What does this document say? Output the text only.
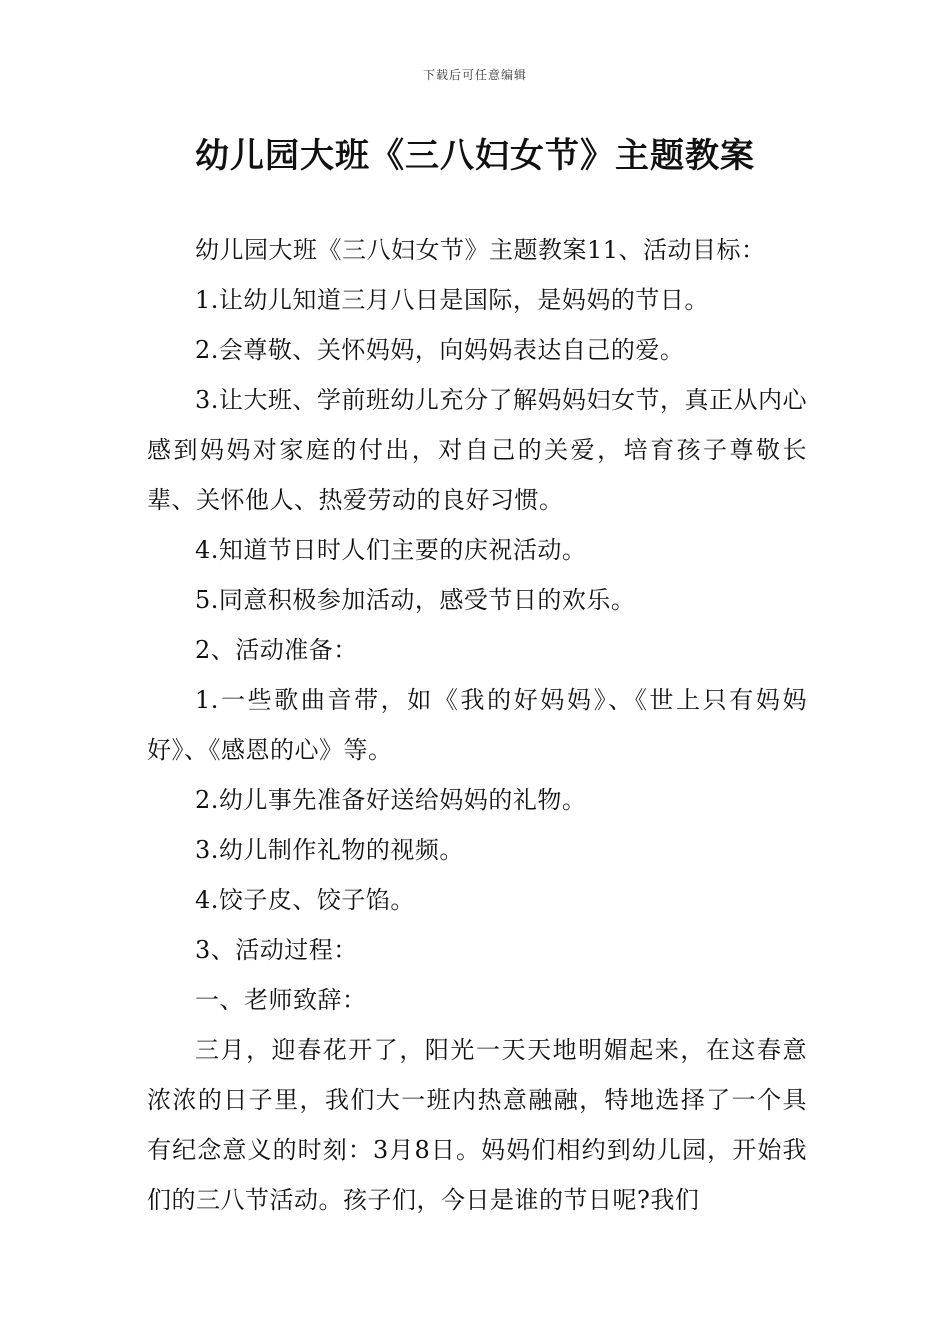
下载后可任意编辑
幼儿园大班《三八妇女节》主题教案

幼儿园大班《三八妇女节》主题教案11、活动目标：

1.让幼儿知道三月八日是国际，是妈妈的节日。

2.会尊敬、关怀妈妈，向妈妈表达自己的爱。

3.让大班、学前班幼儿充分了解妈妈妇女节，真正从内心感到妈妈对家庭的付出，对自己的关爱，培育孩子尊敬长辈、关怀他人、热爱劳动的良好习惯。

4.知道节日时人们主要的庆祝活动。

5.同意积极参加活动，感受节日的欢乐。

2、活动准备：

1.一些歌曲音带，如《我的好妈妈》、《世上只有妈妈好》、《感恩的心》等。

2.幼儿事先准备好送给妈妈的礼物。

3.幼儿制作礼物的视频。

4.饺子皮、饺子馅。

3、活动过程：

一、老师致辞：

三月，迎春花开了，阳光一天天地明媚起来，在这春意浓浓的日子里，我们大一班内热意融融，特地选择了一个具有纪念意义的时刻：3月8日。妈妈们相约到幼儿园，开始我们的三八节活动。孩子们，今日是谁的节日呢?我们
